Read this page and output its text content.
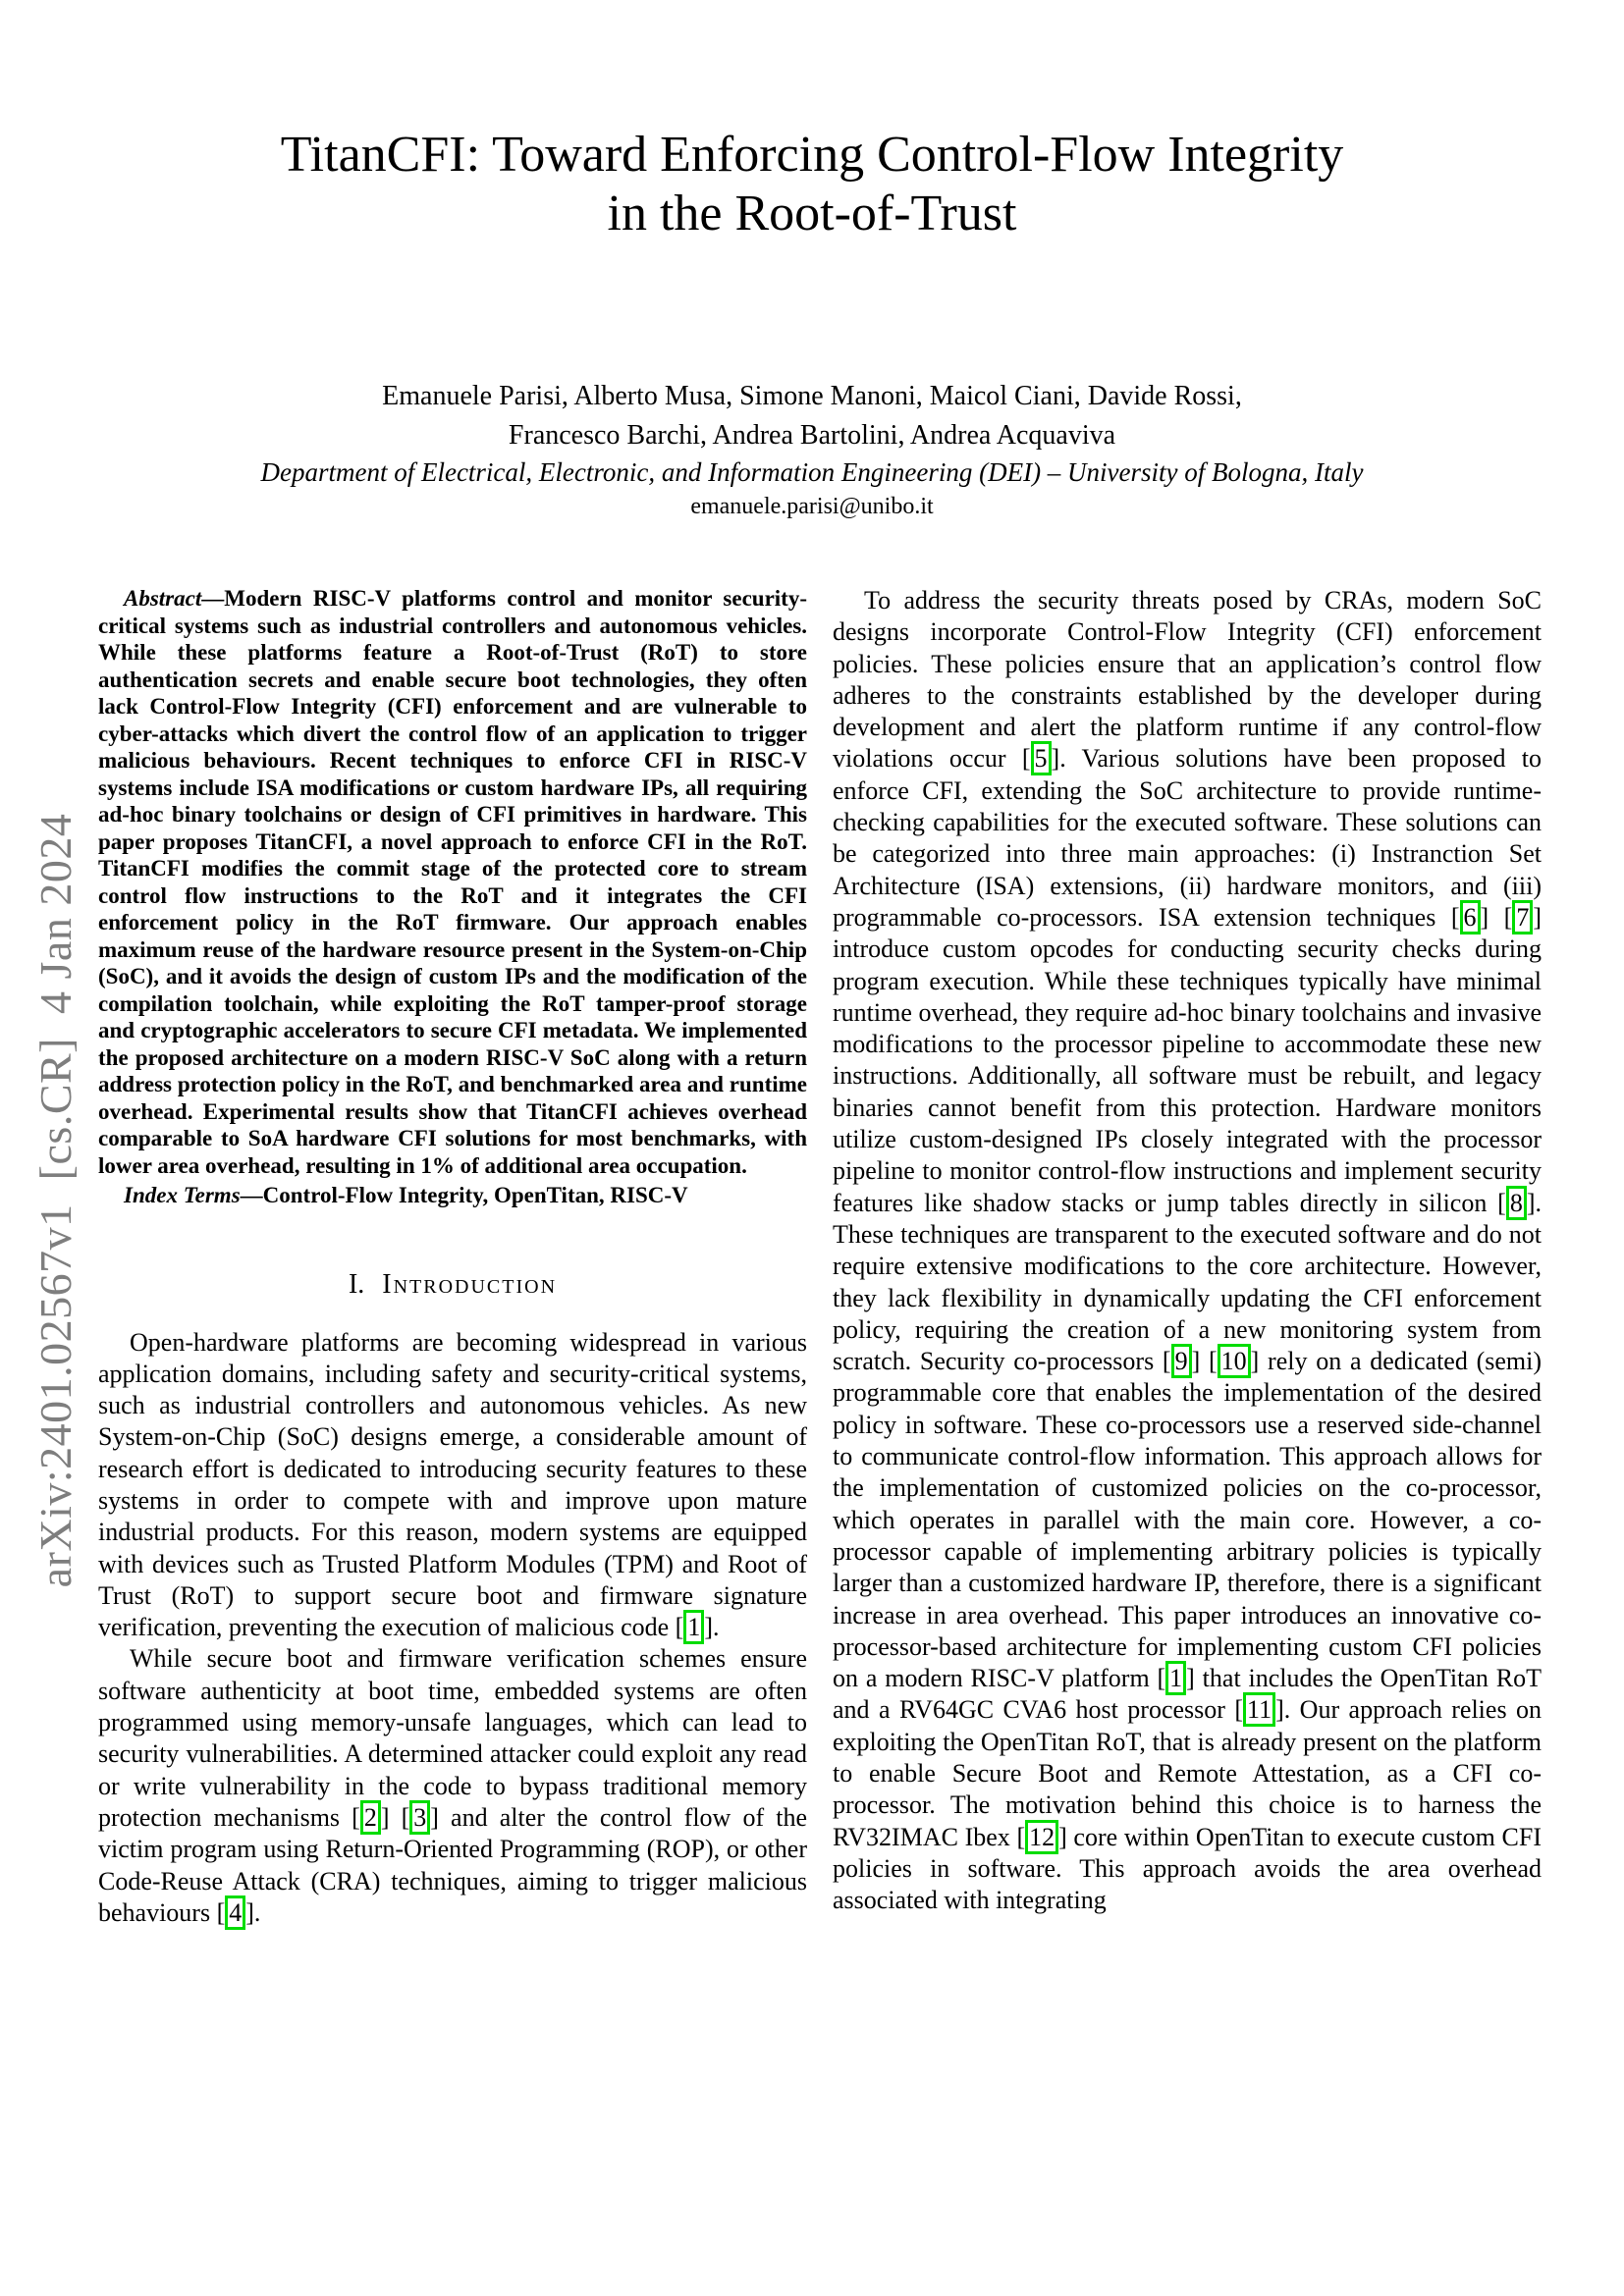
arXiv:2401.02567v1  [cs.CR]  4 Jan 2024
TitanCFI: Toward Enforcing Control-Flow Integrity
in the Root-of-Trust
Emanuele Parisi, Alberto Musa, Simone Manoni, Maicol Ciani, Davide Rossi,
Francesco Barchi, Andrea Bartolini, Andrea Acquaviva
Department of Electrical, Electronic, and Information Engineering (DEI) – University of Bologna, Italy
emanuele.parisi@unibo.it

Abstract—Modern RISC-V platforms control and monitor security-critical systems such as industrial controllers and autonomous vehicles. While these platforms feature a Root-of-Trust (RoT) to store authentication secrets and enable secure boot technologies, they often lack Control-Flow Integrity (CFI) enforcement and are vulnerable to cyber-attacks which divert the control flow of an application to trigger malicious behaviours. Recent techniques to enforce CFI in RISC-V systems include ISA modifications or custom hardware IPs, all requiring ad-hoc binary toolchains or design of CFI primitives in hardware. This paper proposes TitanCFI, a novel approach to enforce CFI in the RoT. TitanCFI modifies the commit stage of the protected core to stream control flow instructions to the RoT and it integrates the CFI enforcement policy in the RoT firmware. Our approach enables maximum reuse of the hardware resource present in the System-on-Chip (SoC), and it avoids the design of custom IPs and the modification of the compilation toolchain, while exploiting the RoT tamper-proof storage and cryptographic accelerators to secure CFI metadata. We implemented the proposed architecture on a modern RISC-V SoC along with a return address protection policy in the RoT, and benchmarked area and runtime overhead. Experimental results show that TitanCFI achieves overhead comparable to SoA hardware CFI solutions for most benchmarks, with lower area overhead, resulting in 1% of additional area occupation.

Index Terms—Control-Flow Integrity, OpenTitan, RISC-V

I. Introduction

Open-hardware platforms are becoming widespread in various application domains, including safety and security-critical systems, such as industrial controllers and autonomous vehicles. As new System-on-Chip (SoC) designs emerge, a considerable amount of research effort is dedicated to introducing security features to these systems in order to compete with and improve upon mature industrial products. For this reason, modern systems are equipped with devices such as Trusted Platform Modules (TPM) and Root of Trust (RoT) to support secure boot and firmware signature verification, preventing the execution of malicious code [ 1 ].

While secure boot and firmware verification schemes ensure software authenticity at boot time, embedded systems are often programmed using memory-unsafe languages, which can lead to security vulnerabilities. A determined attacker could exploit any read or write vulnerability in the code to bypass traditional memory protection mechanisms [ 2 ] [ 3 ] and alter the control flow of the victim program using Return-Oriented Programming (ROP), or other Code-Reuse Attack (CRA) techniques, aiming to trigger malicious behaviours [ 4 ].

To address the security threats posed by CRAs, modern SoC designs incorporate Control-Flow Integrity (CFI) enforcement policies. These policies ensure that an application’s control flow adheres to the constraints established by the developer during development and alert the platform runtime if any control-flow violations occur [ 5 ]. Various solutions have been proposed to enforce CFI, extending the SoC architecture to provide runtime-checking capabilities for the executed software. These solutions can be categorized into three main approaches: (i) Instranction Set Architecture (ISA) extensions, (ii) hardware monitors, and (iii) programmable co-processors. ISA extension techniques [ 6 ] [ 7 ] introduce custom opcodes for conducting security checks during program execution. While these techniques typically have minimal runtime overhead, they require ad-hoc binary toolchains and invasive modifications to the processor pipeline to accommodate these new instructions. Additionally, all software must be rebuilt, and legacy binaries cannot benefit from this protection. Hardware monitors utilize custom-designed IPs closely integrated with the processor pipeline to monitor control-flow instructions and implement security features like shadow stacks or jump tables directly in silicon [ 8 ]. These techniques are transparent to the executed software and do not require extensive modifications to the core architecture. However, they lack flexibility in dynamically updating the CFI enforcement policy, requiring the creation of a new monitoring system from scratch. Security co-processors [ 9 ] [ 10 ] rely on a dedicated (semi) programmable core that enables the implementation of the desired policy in software. These co-processors use a reserved side-channel to communicate control-flow information. This approach allows for the implementation of customized policies on the co-processor, which operates in parallel with the main core. However, a co-processor capable of implementing arbitrary policies is typically larger than a customized hardware IP, therefore, there is a significant increase in area overhead. This paper introduces an innovative co-processor-based architecture for implementing custom CFI policies on a modern RISC-V platform [ 1 ] that includes the OpenTitan RoT and a RV64GC CVA6 host processor [ 11 ]. Our approach relies on exploiting the OpenTitan RoT, that is already present on the platform to enable Secure Boot and Remote Attestation, as a CFI co-processor. The motivation behind this choice is to harness the RV32IMAC Ibex [ 12 ] core within OpenTitan to execute custom CFI policies in software. This approach avoids the area overhead associated with integrating
